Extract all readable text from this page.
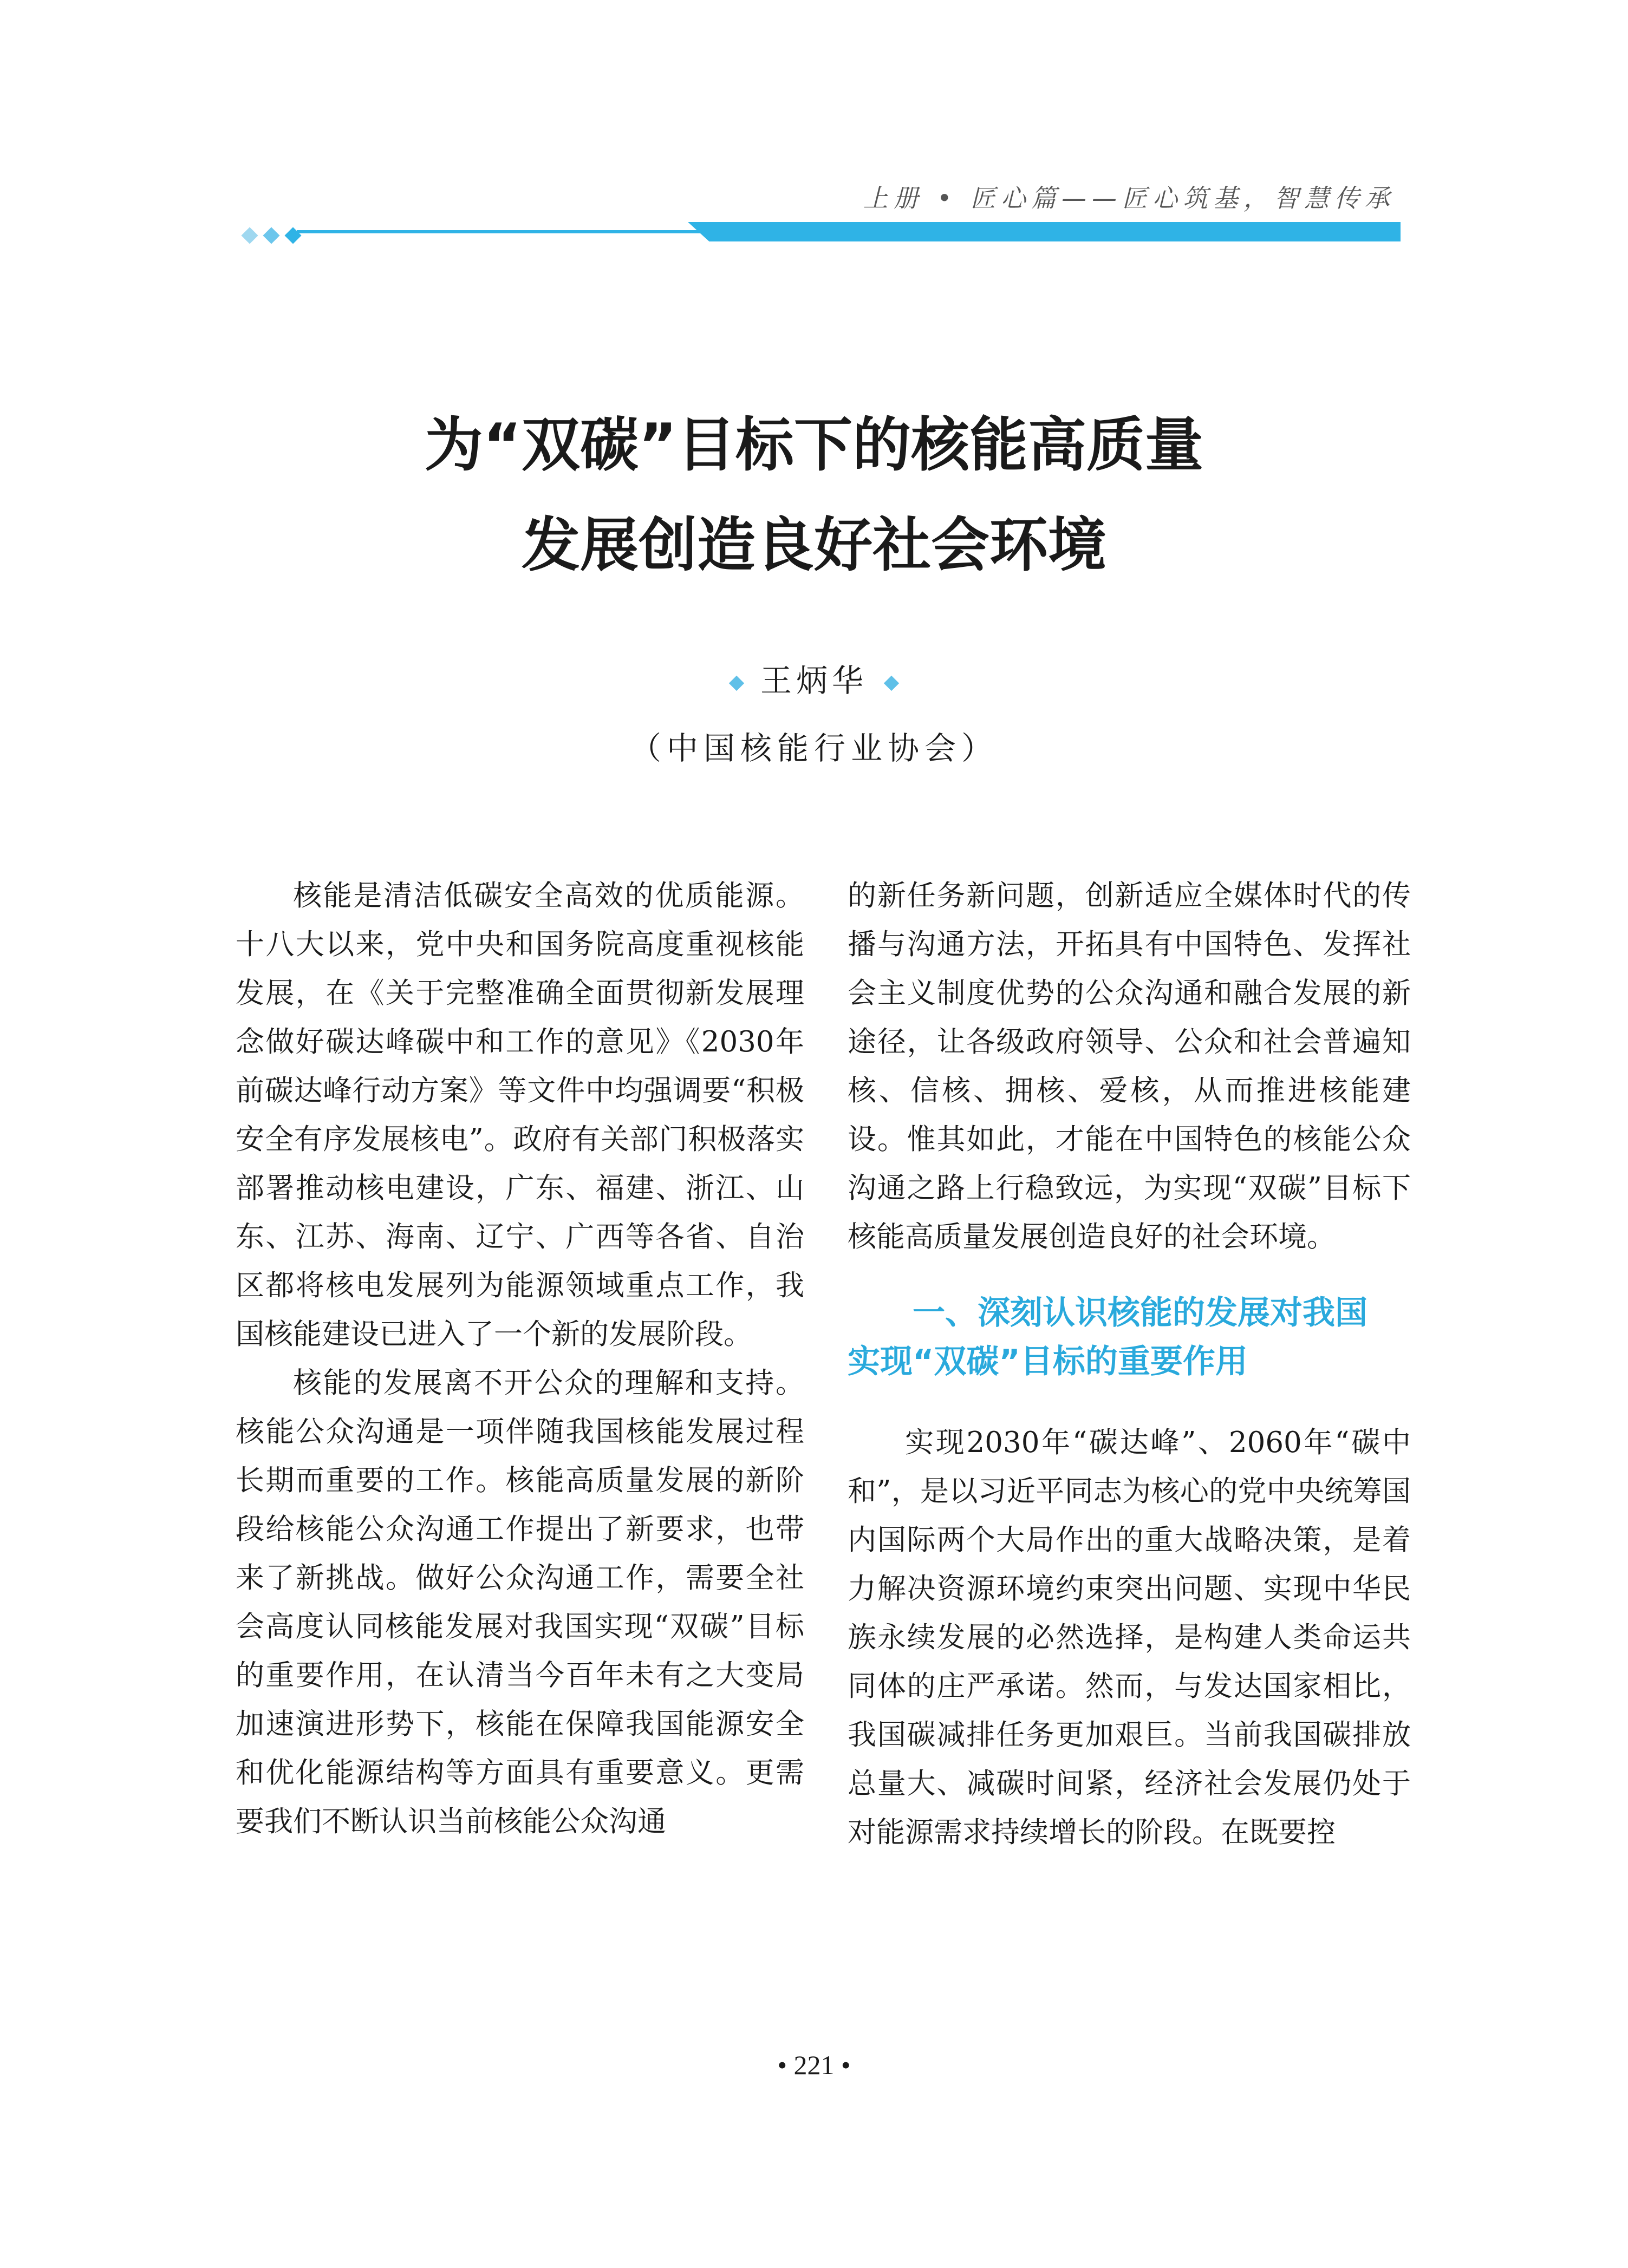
上册 • 匠心篇——匠心筑基，智慧传承
为“双碳”目标下的核能高质量
发展创造良好社会环境
王炳华
（中国核能行业协会）

核能是清洁低碳安全高效的优质能源。十八大以来，党中央和国务院高度重视核能发展，在《关于完整准确全面贯彻新发展理念做好碳达峰碳中和工作的意见》《2030年前碳达峰行动方案》等文件中均强调要“积极安全有序发展核电”。政府有关部门积极落实部署推动核电建设，广东、福建、浙江、山东、江苏、海南、辽宁、广西等各省、自治区都将核电发展列为能源领域重点工作，我国核能建设已进入了一个新的发展阶段。

核能的发展离不开公众的理解和支持。核能公众沟通是一项伴随我国核能发展过程长期而重要的工作。核能高质量发展的新阶段给核能公众沟通工作提出了新要求，也带来了新挑战。做好公众沟通工作，需要全社会高度认同核能发展对我国实现“双碳”目标的重要作用，在认清当今百年未有之大变局加速演进形势下，核能在保障我国能源安全和优化能源结构等方面具有重要意义。更需要我们不断认识当前核能公众沟通

的新任务新问题，创新适应全媒体时代的传播与沟通方法，开拓具有中国特色、发挥社会主义制度优势的公众沟通和融合发展的新途径，让各级政府领导、公众和社会普遍知核、信核、拥核、爱核，从而推进核能建设。惟其如此，才能在中国特色的核能公众沟通之路上行稳致远，为实现“双碳”目标下核能高质量发展创造良好的社会环境。

一、深刻认识核能的发展对我国
实现“双碳”目标的重要作用

实现2030年“碳达峰”、2060年“碳中和”，是以习近平同志为核心的党中央统筹国内国际两个大局作出的重大战略决策，是着力解决资源环境约束突出问题、实现中华民族永续发展的必然选择，是构建人类命运共同体的庄严承诺。然而，与发达国家相比，我国碳减排任务更加艰巨。当前我国碳排放总量大、减碳时间紧，经济社会发展仍处于对能源需求持续增长的阶段。在既要控

• 221 •
